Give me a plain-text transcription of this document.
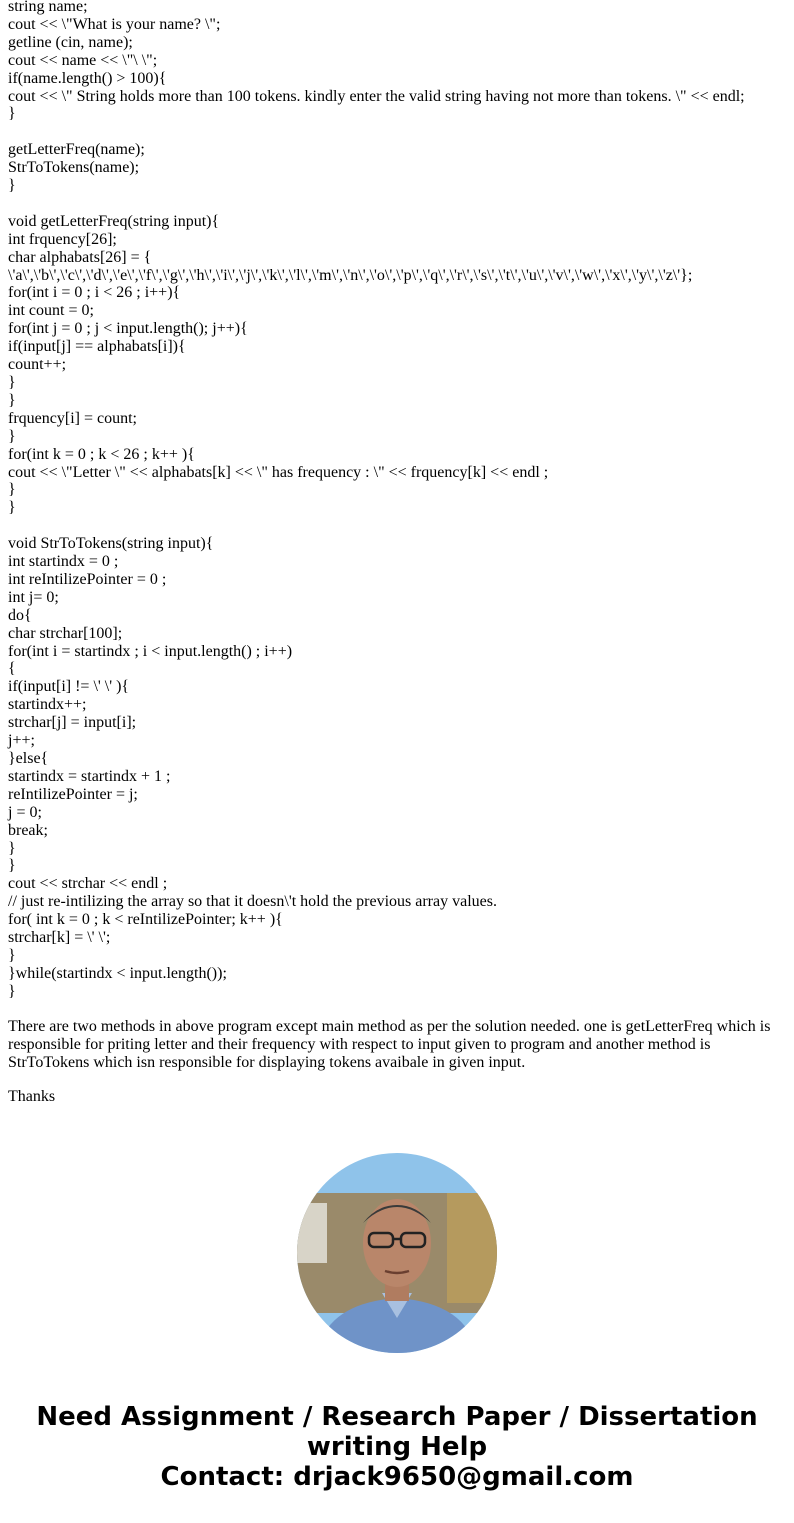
string name;
cout << \"What is your name? \";
getline (cin, name);
cout << name << \"\ \";
if(name.length() > 100){
cout << \" String holds more than 100 tokens. kindly enter the valid string having not more than tokens. \" << endl;
}
getLetterFreq(name);
StrToTokens(name);
}
void getLetterFreq(string input){
int frquency[26];
char alphabats[26] = {
\'a\',\'b\',\'c\',\'d\',\'e\',\'f\',\'g\',\'h\',\'i\',\'j\',\'k\',\'l\',\'m\',\'n\',\'o\',\'p\',\'q\',\'r\',\'s\',\'t\',\'u\',\'v\',\'w\',\'x\',\'y\',\'z\'};
for(int i = 0 ; i < 26 ; i++){
int count = 0;
for(int j = 0 ; j < input.length(); j++){
if(input[j] == alphabats[i]){
count++;
}
}
frquency[i] = count;
}
for(int k = 0 ; k < 26 ; k++ ){
cout << \"Letter \" << alphabats[k] << \" has frequency : \" << frquency[k] << endl ;
}
}
void StrToTokens(string input){
int startindx = 0 ;
int reIntilizePointer = 0 ;
int j= 0;
do{
char strchar[100];
for(int i = startindx ; i < input.length() ; i++)
{
if(input[i] != \' \' ){
startindx++;
strchar[j] = input[i];
j++;
}else{
startindx = startindx + 1 ;
reIntilizePointer = j;
j = 0;
break;
}
}
cout << strchar << endl ;
// just re-intilizing the array so that it doesn\'t hold the previous array values.
for( int k = 0 ; k < reIntilizePointer; k++ ){
strchar[k] = \' \';
}
}while(startindx < input.length());
}

There are two methods in above program except main method as per the solution needed. one is getLetterFreq which is responsible for priting letter and their frequency with respect to input given to program and another method is StrToTokens which isn responsible for displaying tokens avaibale in given input.

Thanks

Need Assignment / Research Paper / Dissertation writing Help
Contact: drjack9650@gmail.com
